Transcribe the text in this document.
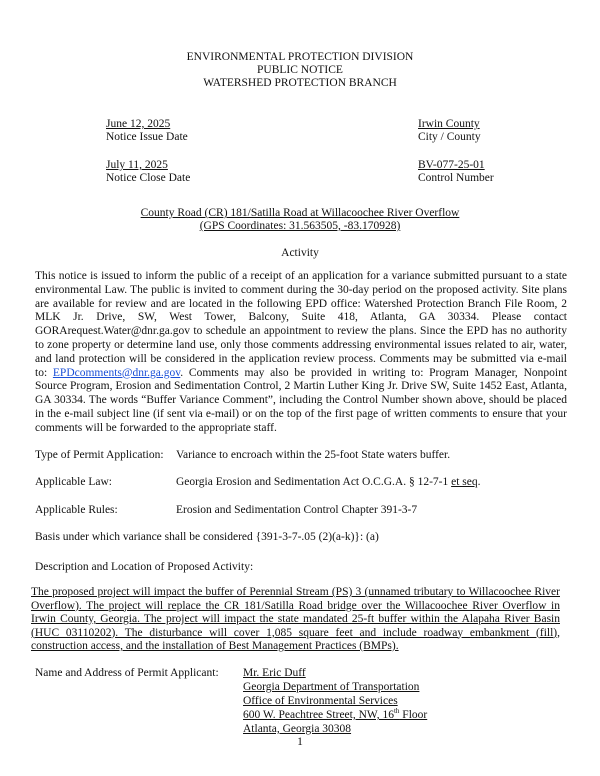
ENVIRONMENTAL PROTECTION DIVISION
PUBLIC NOTICE
WATERSHED PROTECTION BRANCH
June 12, 2025
Notice Issue Date
Irwin County
City / County
July 11, 2025
Notice Close Date
BV-077-25-01
Control Number
County Road (CR) 181/Satilla Road at Willacoochee River Overflow
(GPS Coordinates: 31.563505, -83.170928)
Activity
This notice is issued to inform the public of a receipt of an application for a variance submitted pursuant to a state environmental Law. The public is invited to comment during the 30-day period on the proposed activity. Site plans are available for review and are located in the following EPD office: Watershed Protection Branch File Room, 2 MLK Jr. Drive, SW, West Tower, Balcony, Suite 418, Atlanta, GA 30334. Please contact GORArequest.Water@dnr.ga.gov to schedule an appointment to review the plans. Since the EPD has no authority to zone property or determine land use, only those comments addressing environmental issues related to air, water, and land protection will be considered in the application review process. Comments may be submitted via e-mail to: EPDcomments@dnr.ga.gov. Comments may also be provided in writing to: Program Manager, Nonpoint Source Program, Erosion and Sedimentation Control, 2 Martin Luther King Jr. Drive SW, Suite 1452 East, Atlanta, GA 30334. The words “Buffer Variance Comment”, including the Control Number shown above, should be placed in the e-mail subject line (if sent via e-mail) or on the top of the first page of written comments to ensure that your comments will be forwarded to the appropriate staff.
Type of Permit Application: Variance to encroach within the 25-foot State waters buffer.
Applicable Law:	Georgia Erosion and Sedimentation Act O.C.G.A. § 12-7-1 et seq.
Applicable Rules:	Erosion and Sedimentation Control Chapter 391-3-7
Basis under which variance shall be considered {391-3-7-.05 (2)(a-k)}: (a)
Description and Location of Proposed Activity:
The proposed project will impact the buffer of Perennial Stream (PS) 3 (unnamed tributary to Willacoochee River Overflow). The project will replace the CR 181/Satilla Road bridge over the Willacoochee River Overflow in Irwin County, Georgia. The project will impact the state mandated 25-ft buffer within the Alapaha River Basin (HUC 03110202). The disturbance will cover 1,085 square feet and include roadway embankment (fill), construction access, and the installation of Best Management Practices (BMPs).
Name and Address of Permit Applicant: Mr. Eric Duff
Georgia Department of Transportation
Office of Environmental Services
600 W. Peachtree Street, NW, 16th Floor
Atlanta, Georgia 30308
1
